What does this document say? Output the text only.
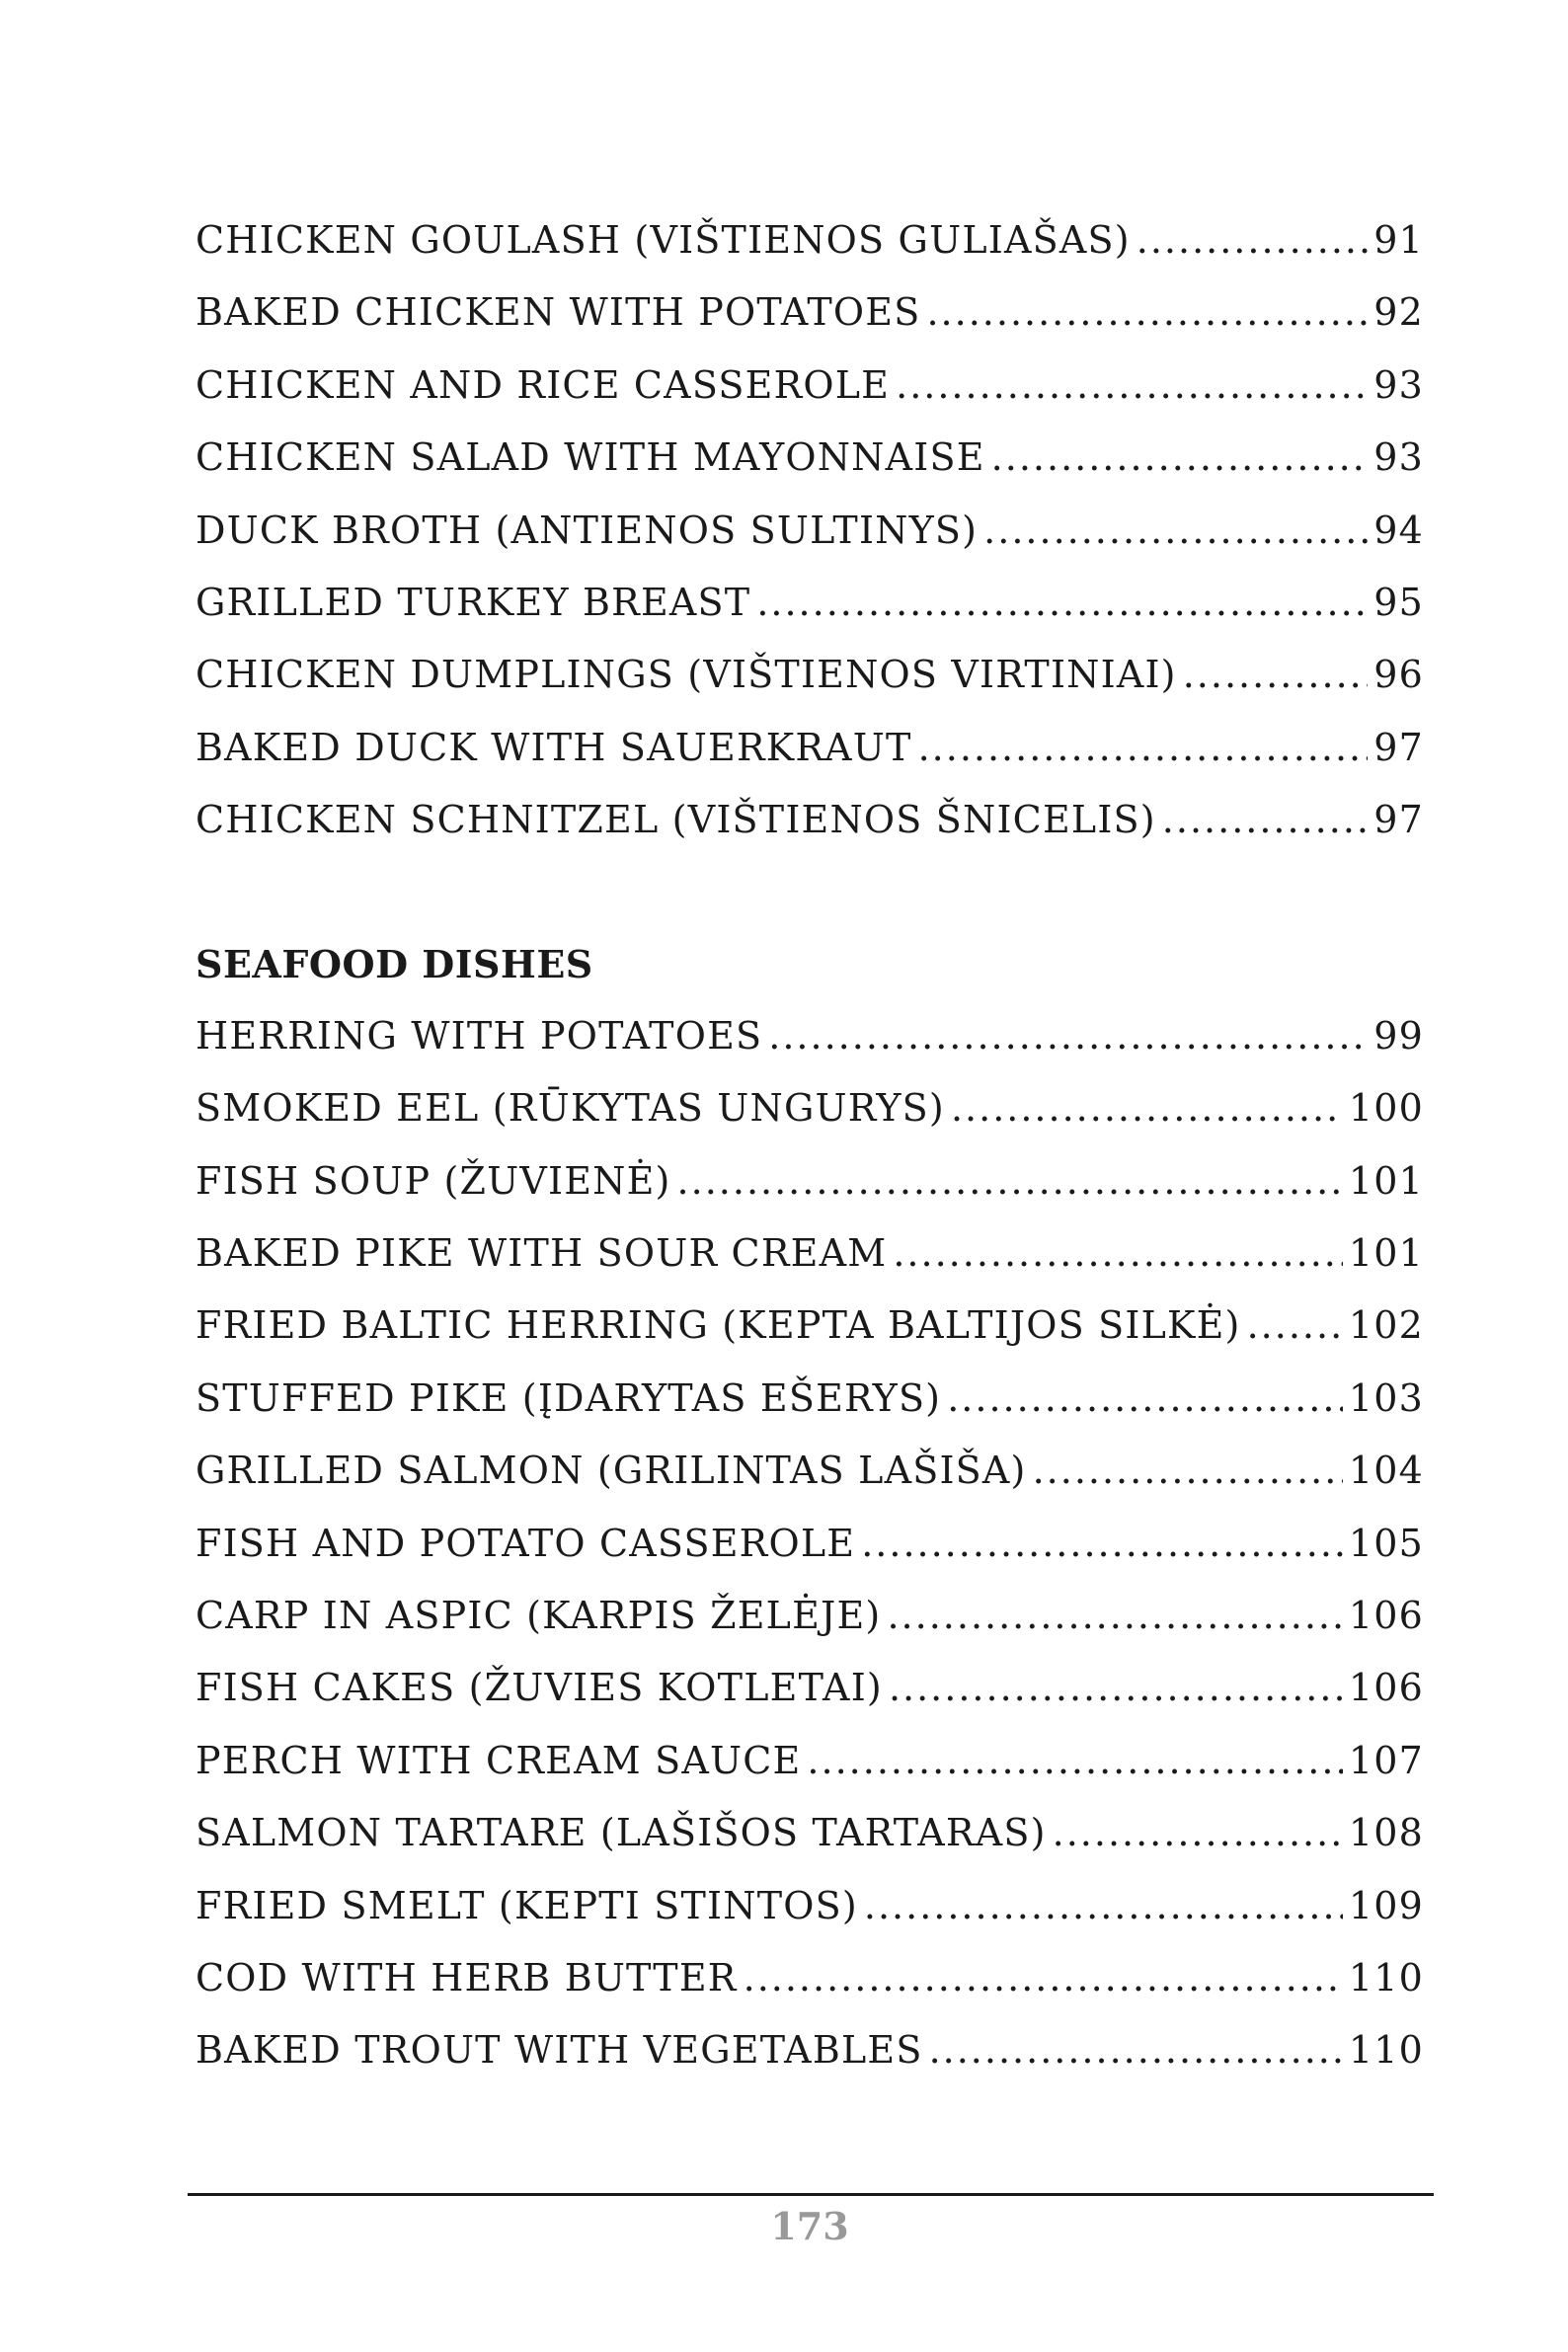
CHICKEN GOULASH (VIŠTIENOS GULIAŠAS) .....	91
BAKED CHICKEN WITH POTATOES .....	92
CHICKEN AND RICE CASSEROLE .....	93
CHICKEN SALAD WITH MAYONNAISE .....	93
DUCK BROTH (ANTIENOS SULTINYS) .....	94
GRILLED TURKEY BREAST .....	95
CHICKEN DUMPLINGS (VIŠTIENOS VIRTINIAI) .....	96
BAKED DUCK WITH SAUERKRAUT .....	97
CHICKEN SCHNITZEL (VIŠTIENOS ŠNICELIS) .....	97
SEAFOOD DISHES
HERRING WITH POTATOES .....	99
SMOKED EEL (RŪKYTAS UNGURYS) .....	100
FISH SOUP (ŽUVIENĖ) .....	101
BAKED PIKE WITH SOUR CREAM .....	101
FRIED BALTIC HERRING (KEPTA BALTIJOS SILKĖ) .....	102
STUFFED PIKE (ĮDARYTAS EŠERYS) .....	103
GRILLED SALMON (GRILINTAS LAŠIŠA) .....	104
FISH AND POTATO CASSEROLE .....	105
CARP IN ASPIC (KARPIS ŽELĖJE) .....	106
FISH CAKES (ŽUVIES KOTLETAI) .....	106
PERCH WITH CREAM SAUCE .....	107
SALMON TARTARE (LAŠIŠOS TARTARAS) .....	108
FRIED SMELT (KEPTI STINTOS) .....	109
COD WITH HERB BUTTER .....	110
BAKED TROUT WITH VEGETABLES .....	110
173
